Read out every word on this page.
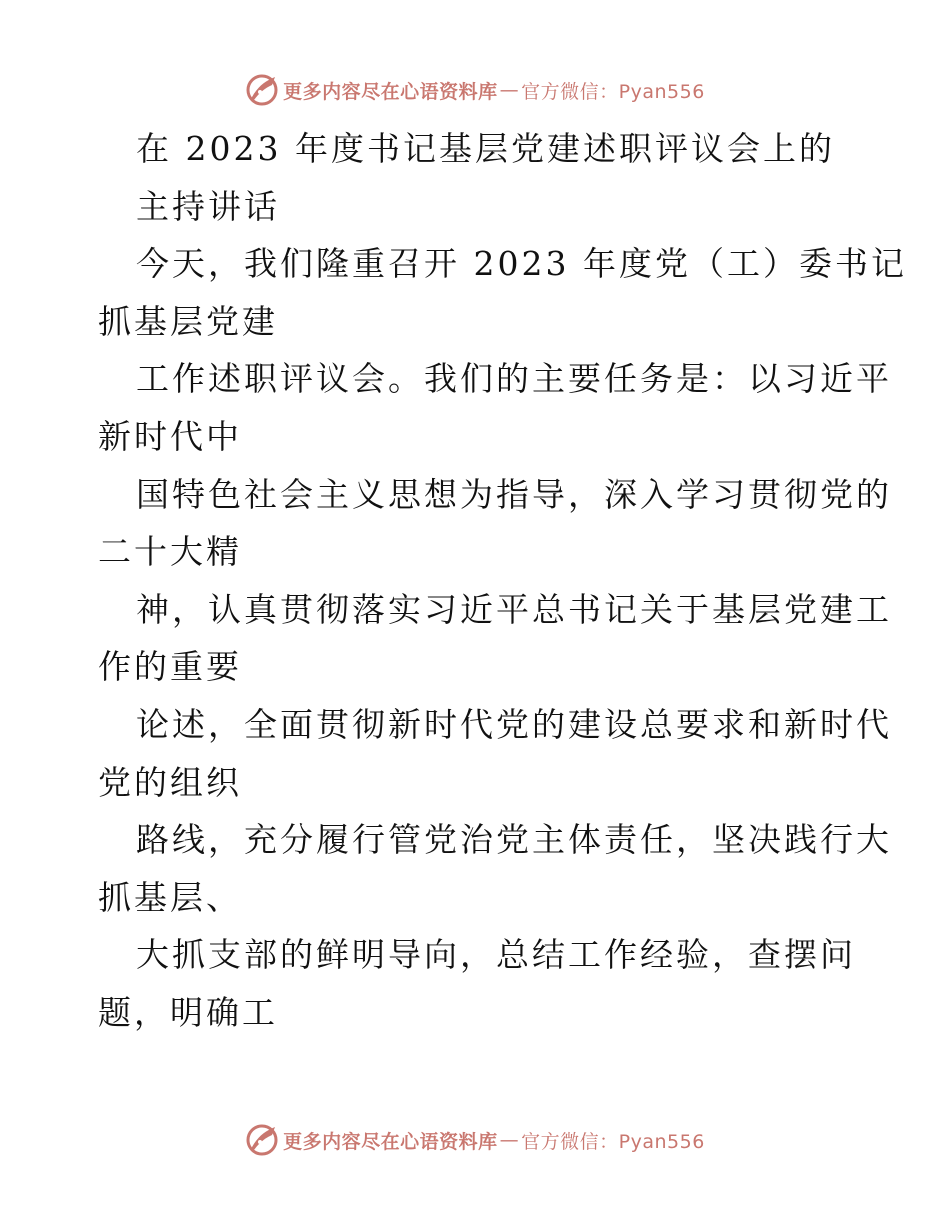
更多内容尽在心语资料库 — 官方微信：Pyan556
在 2023 年度书记基层党建述职评议会上的
主持讲话
今天，我们隆重召开 2023 年度党（工）委书记
抓基层党建
工作述职评议会。我们的主要任务是：以习近平
新时代中
国特色社会主义思想为指导，深入学习贯彻党的
二十大精
神，认真贯彻落实习近平总书记关于基层党建工
作的重要
论述，全面贯彻新时代党的建设总要求和新时代
党的组织
路线，充分履行管党治党主体责任，坚决践行大
抓基层、
大抓支部的鲜明导向，总结工作经验，查摆问
题，明确工
更多内容尽在心语资料库 — 官方微信：Pyan556
